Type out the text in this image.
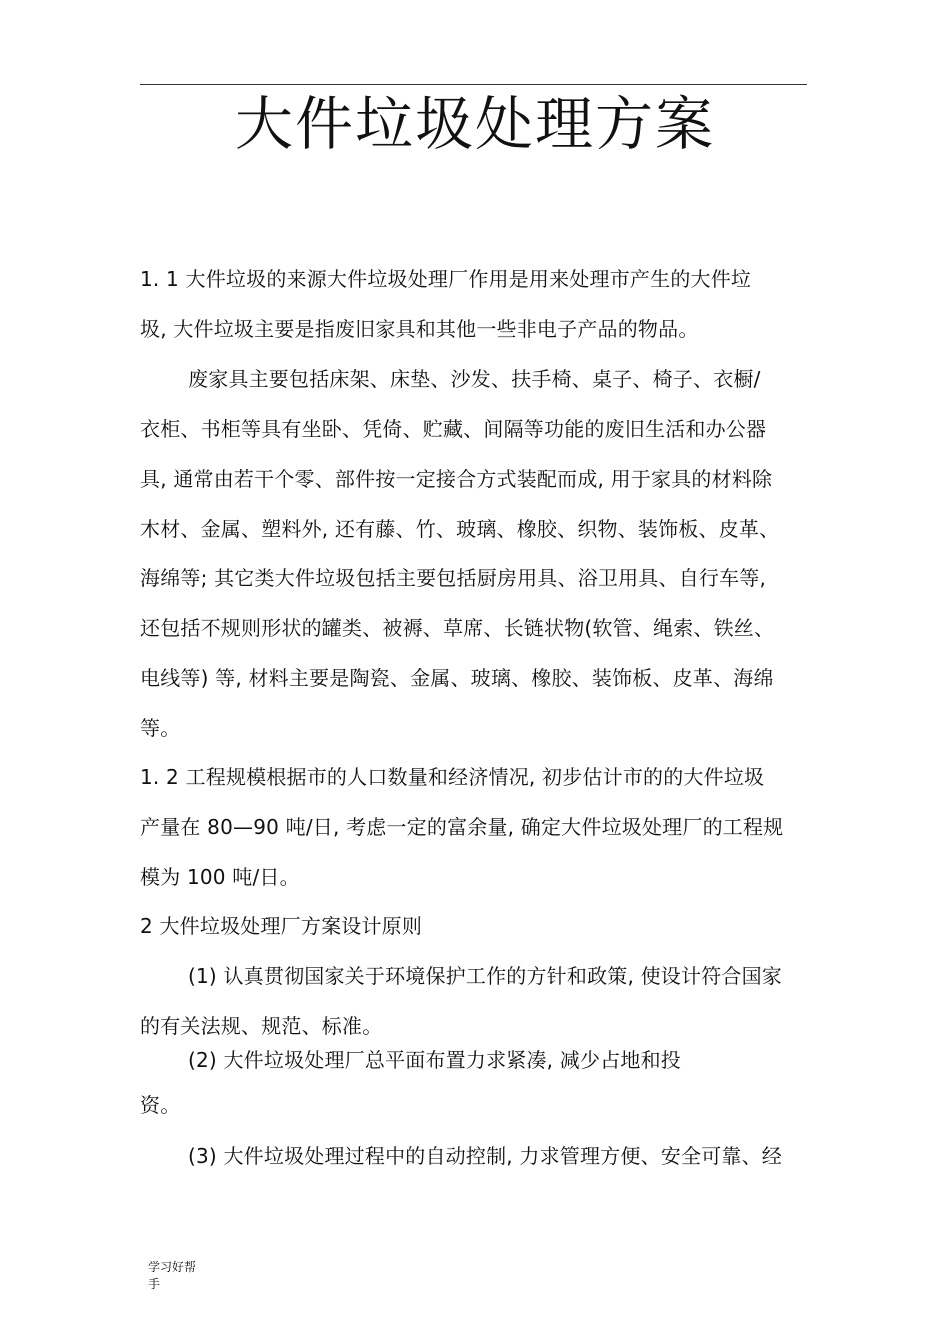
大件垃圾处理方案
1. 1 大件垃圾的来源大件垃圾处理厂作用是用来处理市产生的大件垃
圾, 大件垃圾主要是指废旧家具和其他一些非电子产品的物品。
废家具主要包括床架、床垫、沙发、扶手椅、桌子、椅子、衣橱/
衣柜、书柜等具有坐卧、凭倚、贮藏、间隔等功能的废旧生活和办公器
具, 通常由若干个零、部件按一定接合方式装配而成, 用于家具的材料除
木材、金属、塑料外, 还有藤、竹、玻璃、橡胶、织物、装饰板、皮革、
海绵等; 其它类大件垃圾包括主要包括厨房用具、浴卫用具、自行车等,
还包括不规则形状的罐类、被褥、草席、长链状物(软管、绳索、铁丝、
电线等) 等, 材料主要是陶瓷、金属、玻璃、橡胶、装饰板、皮革、海绵
等。
1. 2 工程规模根据市的人口数量和经济情况, 初步估计市的的大件垃圾
产量在 80—90 吨/日, 考虑一定的富余量, 确定大件垃圾处理厂的工程规
模为 100 吨/日。
2 大件垃圾处理厂方案设计原则
(1) 认真贯彻国家关于环境保护工作的方针和政策, 使设计符合国家
的有关法规、规范、标准。
(2) 大件垃圾处理厂总平面布置力求紧凑, 减少占地和投
资。
(3) 大件垃圾处理过程中的自动控制, 力求管理方便、安全可靠、经
学习好帮
手
